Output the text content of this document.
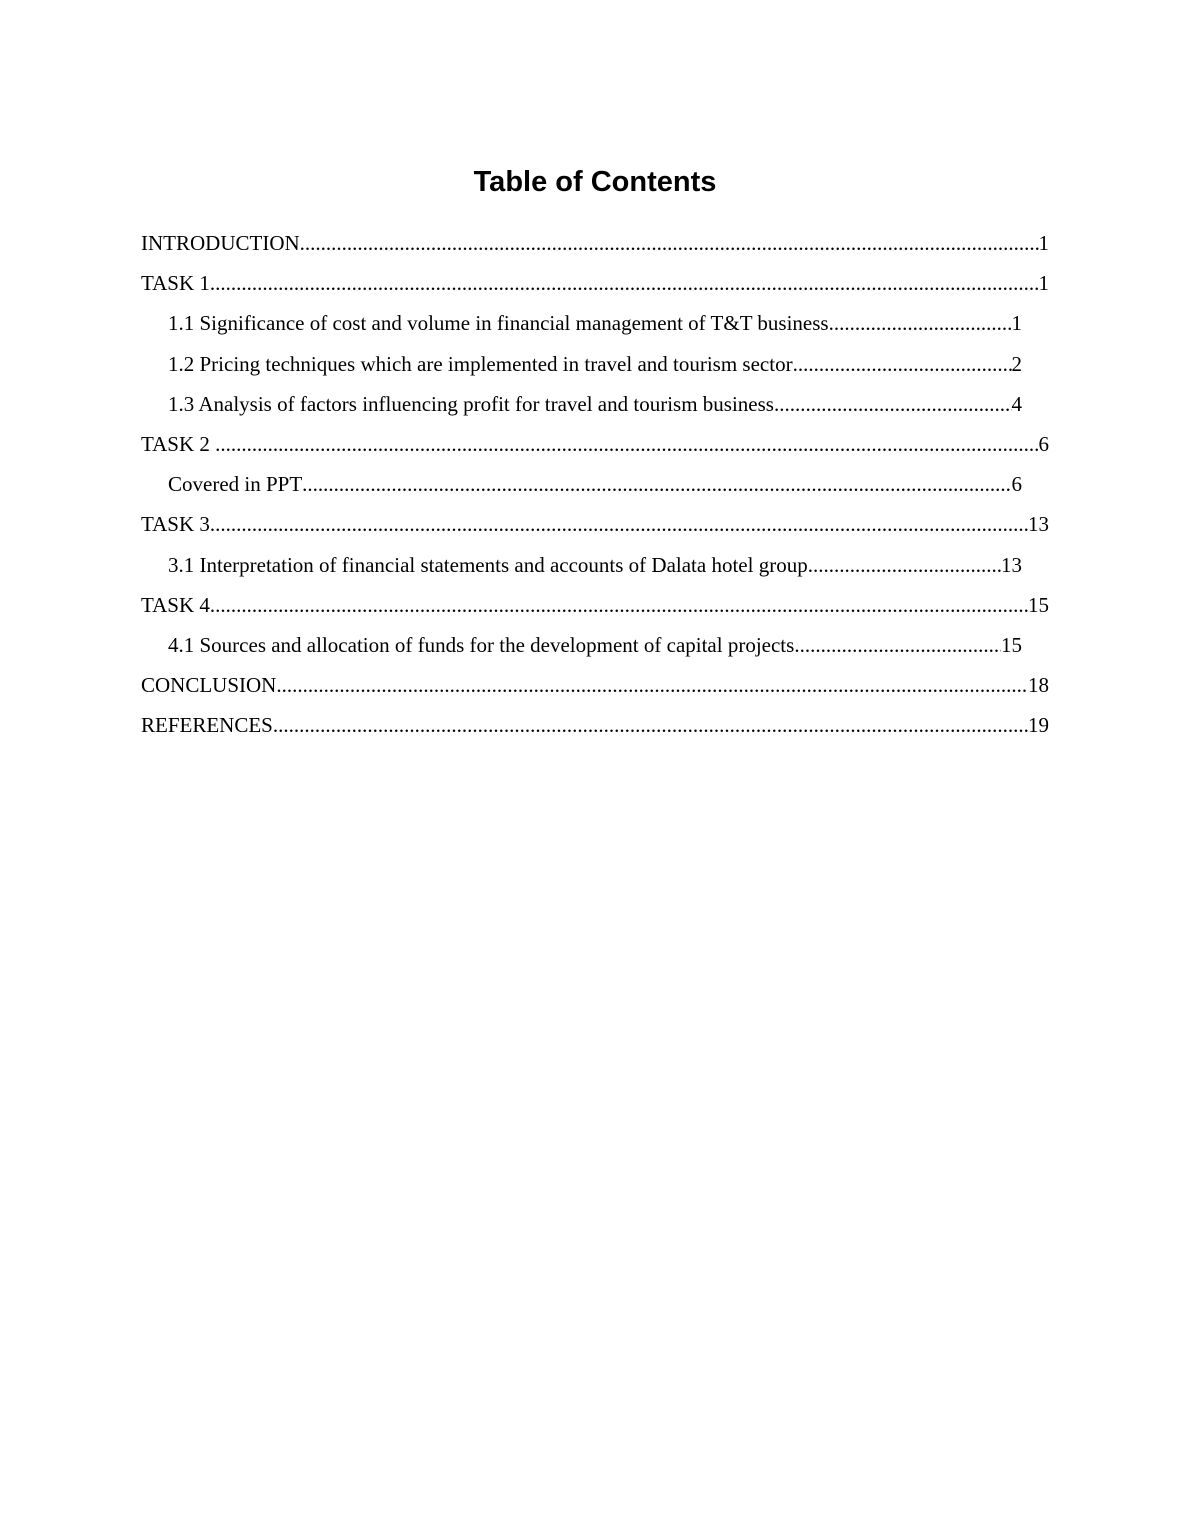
Table of Contents
INTRODUCTION .....	1
TASK 1 .....	1
1.1 Significance of cost and volume in financial management of T&T business .....	1
1.2 Pricing techniques which are implemented in travel and tourism sector .....	2
1.3 Analysis of factors influencing profit for travel and tourism business .....	4
TASK 2 .....	6
Covered in PPT .....	6
TASK 3 .....	13
3.1 Interpretation of financial statements and accounts of Dalata hotel group .....	13
TASK 4 .....	15
4.1 Sources and allocation of funds for the development of capital projects .....	15
CONCLUSION .....	18
REFERENCES .....	19
